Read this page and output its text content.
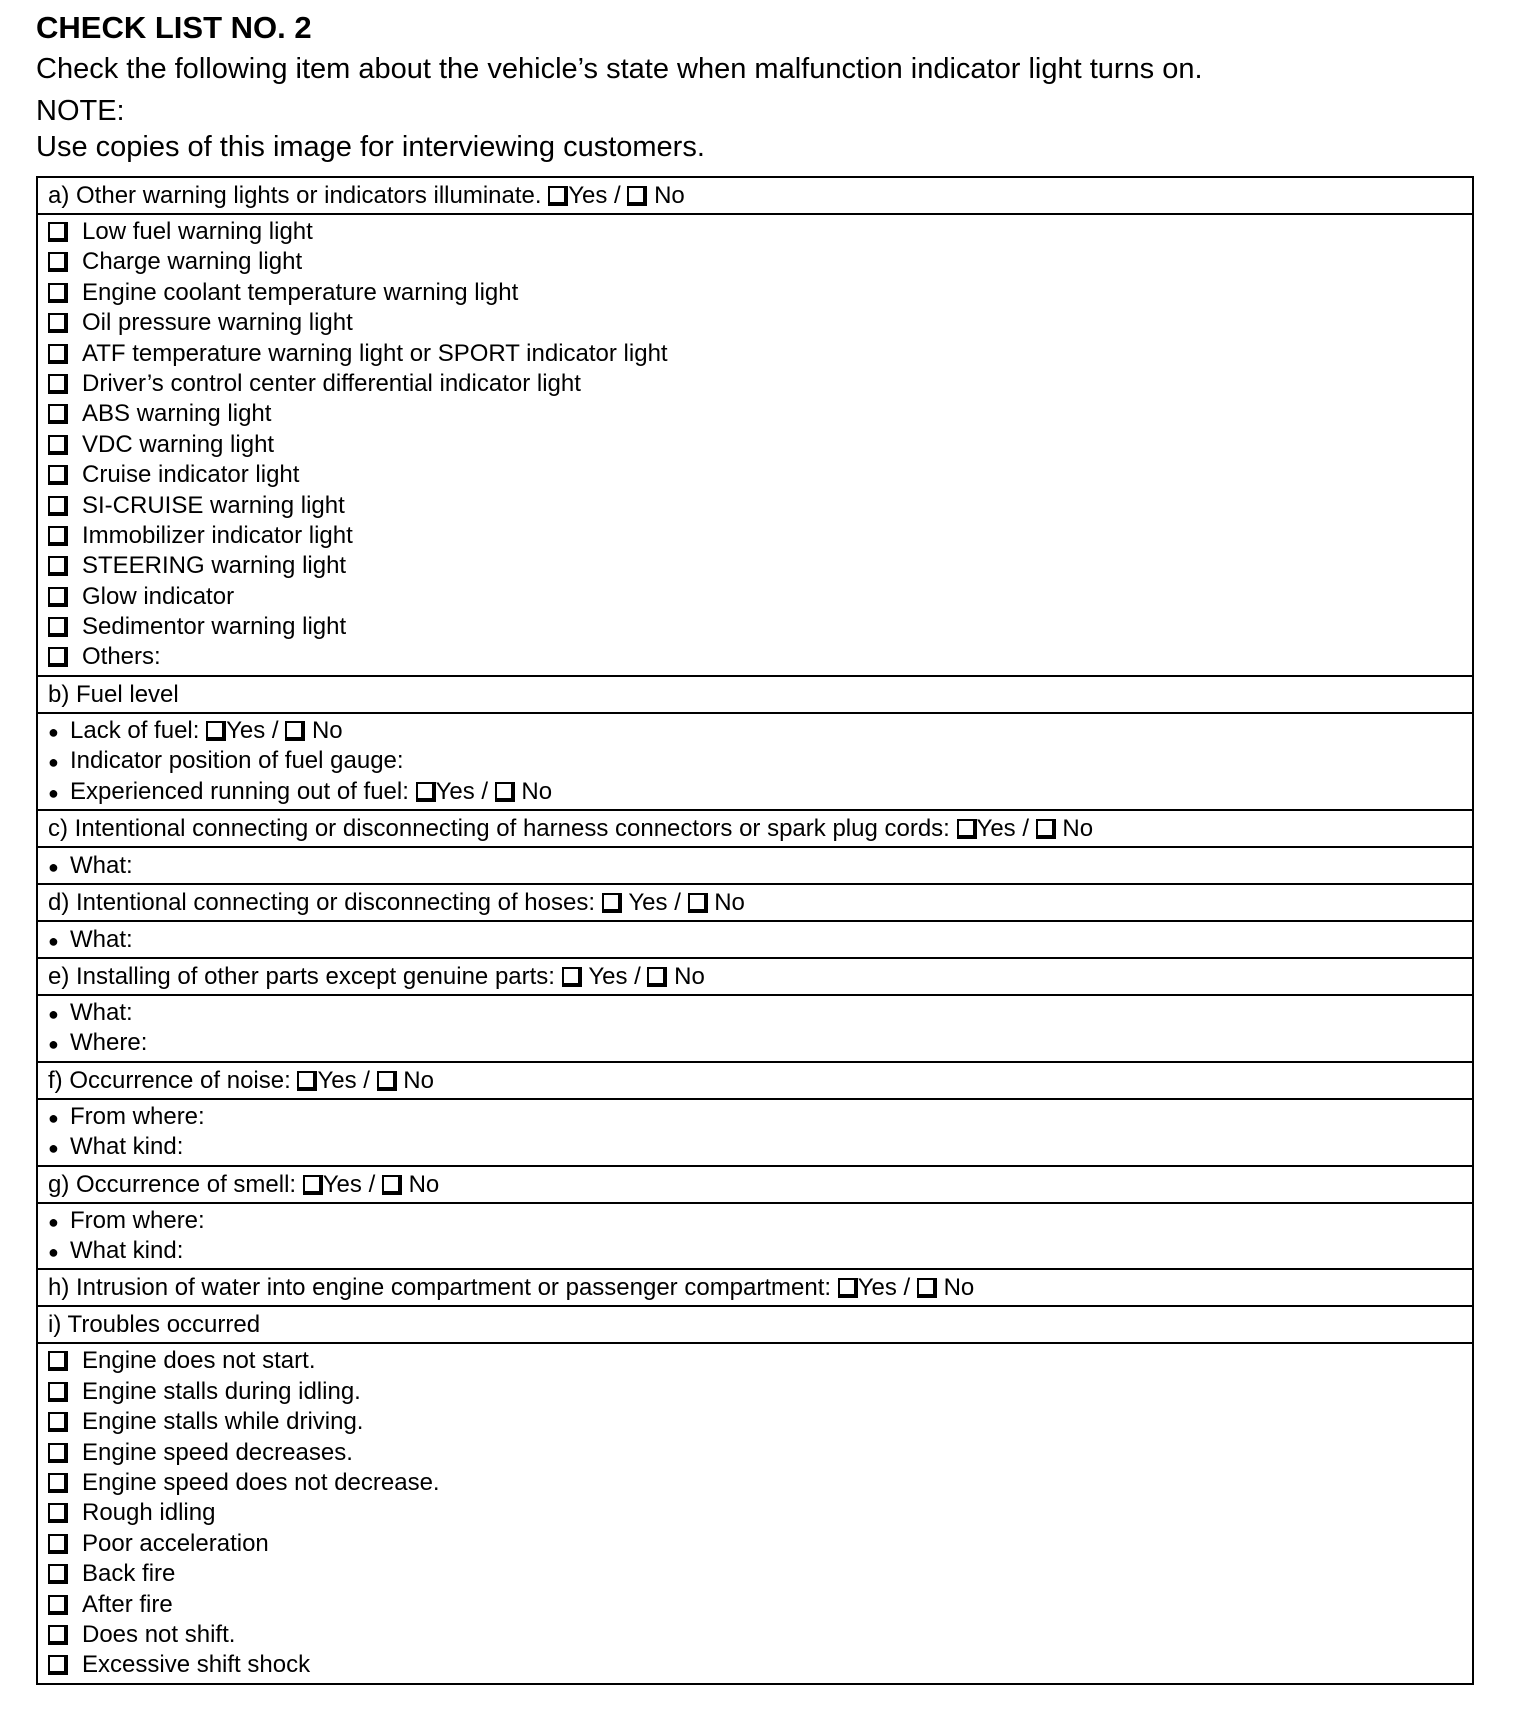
CHECK LIST NO. 2

Check the following item about the vehicle’s state when malfunction indicator light turns on.

NOTE:

Use copies of this image for interviewing customers.

a) Other warning lights or indicators illuminate. Yes / No
Low fuel warning light
Charge warning light
Engine coolant temperature warning light
Oil pressure warning light
ATF temperature warning light or SPORT indicator light
Driver’s control center differential indicator light
ABS warning light
VDC warning light
Cruise indicator light
SI-CRUISE warning light
Immobilizer indicator light
STEERING warning light
Glow indicator
Sedimentor warning light
Others:
b) Fuel level
● Lack of fuel: Yes / No
● Indicator position of fuel gauge:
● Experienced running out of fuel: Yes / No
c) Intentional connecting or disconnecting of harness connectors or spark plug cords: Yes / No
● What:
d) Intentional connecting or disconnecting of hoses: Yes / No
● What:
e) Installing of other parts except genuine parts: Yes / No
● What:
● Where:
f) Occurrence of noise: Yes / No
● From where:
● What kind:
g) Occurrence of smell: Yes / No
● From where:
● What kind:
h) Intrusion of water into engine compartment or passenger compartment: Yes / No
i) Troubles occurred
Engine does not start.
Engine stalls during idling.
Engine stalls while driving.
Engine speed decreases.
Engine speed does not decrease.
Rough idling
Poor acceleration
Back fire
After fire
Does not shift.
Excessive shift shock
